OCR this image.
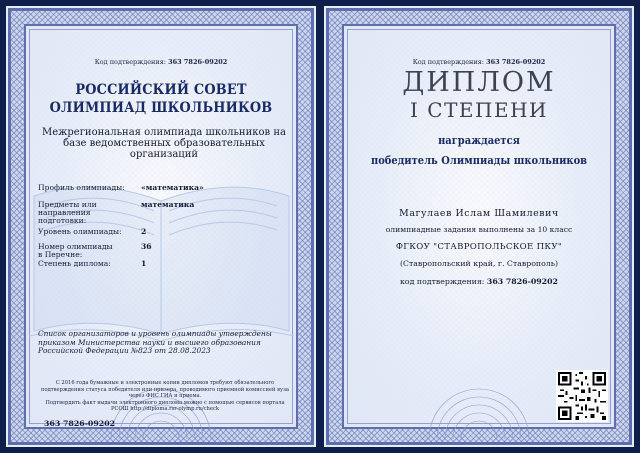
Код подтверждения: 363 7826-09202
РОССИЙСКИЙ СОВЕТ
ОЛИМПИАД ШКОЛЬНИКОВ
Межрегиональная олимпиада школьников на базе ведомственных образовательных организаций
Профиль олимпиады:	«математика»
Предметы или направления подготовки:
математика
Уровень олимпиады:	2
Номер олимпиады в Перечне:
36
Степень диплома:	1
Список организаторов и уровень олимпиады утверждены приказом Министерства науки и высшего образования Российской Федерации №823 от 28.08.2023
С 2016 года бумажные и электронные копии дипломов требуют обязательного подтверждения статуса победителя или призера, проводимого приемной комиссией вуза через ФИС ГИА и приема.
Подтвердить факт выдачи электронного диплома можно с помощью сервисов портала РСОШ http://diploma.rsr-olymp.ru/check
363 7826-09202
Код подтверждения: 363 7826-09202
ДИПЛОМ
I СТЕПЕНИ
награждается
победитель Олимпиады школьников
Магулаев Ислам Шамилевич
олимпиадные задания выполнены за 10 класс
ФГКОУ "СТАВРОПОЛЬСКОЕ ПКУ"
(Ставропольский край, г. Ставрополь)
код подтверждения: 363 7826-09202
